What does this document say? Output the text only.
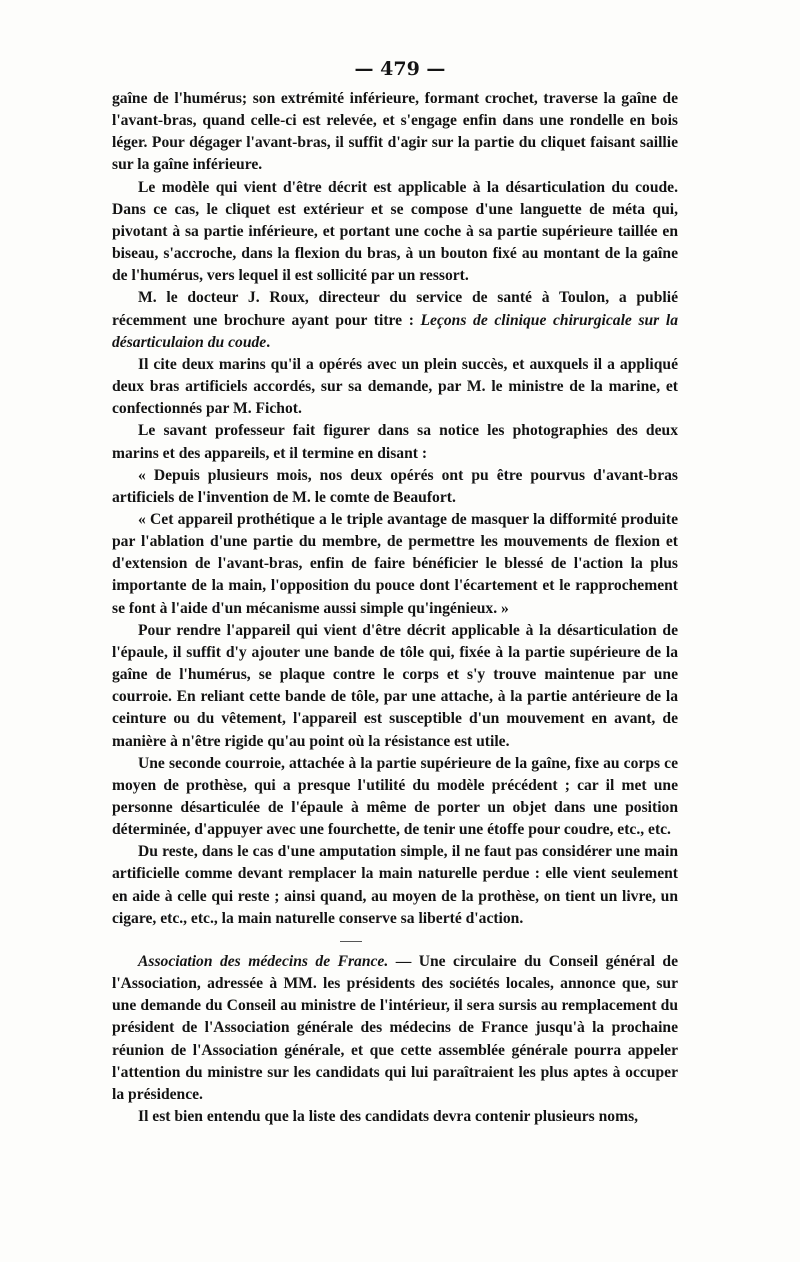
— 479 —

gaîne de l'humérus; son extrémité inférieure, formant crochet, traverse la gaîne de l'avant-bras, quand celle-ci est relevée, et s'engage enfin dans une rondelle en bois léger. Pour dégager l'avant-bras, il suffit d'agir sur la partie du cliquet faisant saillie sur la gaîne inférieure.

Le modèle qui vient d'être décrit est applicable à la désarticulation du coude. Dans ce cas, le cliquet est extérieur et se compose d'une languette de méta qui, pivotant à sa partie inférieure, et portant une coche à sa partie supérieure taillée en biseau, s'accroche, dans la flexion du bras, à un bouton fixé au montant de la gaîne de l'humérus, vers lequel il est sollicité par un ressort.

M. le docteur J. Roux, directeur du service de santé à Toulon, a publié récemment une brochure ayant pour titre : Leçons de clinique chirurgicale sur la désarticulaion du coude.

Il cite deux marins qu'il a opérés avec un plein succès, et auxquels il a appliqué deux bras artificiels accordés, sur sa demande, par M. le ministre de la marine, et confectionnés par M. Fichot.

Le savant professeur fait figurer dans sa notice les photographies des deux marins et des appareils, et il termine en disant :

« Depuis plusieurs mois, nos deux opérés ont pu être pourvus d'avant-bras artificiels de l'invention de M. le comte de Beaufort.

« Cet appareil prothétique a le triple avantage de masquer la difformité produite par l'ablation d'une partie du membre, de permettre les mouvements de flexion et d'extension de l'avant-bras, enfin de faire bénéficier le blessé de l'action la plus importante de la main, l'opposition du pouce dont l'écartement et le rapprochement se font à l'aide d'un mécanisme aussi simple qu'ingénieux. »

Pour rendre l'appareil qui vient d'être décrit applicable à la désarticulation de l'épaule, il suffit d'y ajouter une bande de tôle qui, fixée à la partie supérieure de la gaîne de l'humérus, se plaque contre le corps et s'y trouve maintenue par une courroie. En reliant cette bande de tôle, par une attache, à la partie antérieure de la ceinture ou du vêtement, l'appareil est susceptible d'un mouvement en avant, de manière à n'être rigide qu'au point où la résistance est utile.

Une seconde courroie, attachée à la partie supérieure de la gaîne, fixe au corps ce moyen de prothèse, qui a presque l'utilité du modèle précédent ; car il met une personne désarticulée de l'épaule à même de porter un objet dans une position déterminée, d'appuyer avec une fourchette, de tenir une étoffe pour coudre, etc., etc.

Du reste, dans le cas d'une amputation simple, il ne faut pas considérer une main artificielle comme devant remplacer la main naturelle perdue : elle vient seulement en aide à celle qui reste ; ainsi quand, au moyen de la prothèse, on tient un livre, un cigare, etc., etc., la main naturelle conserve sa liberté d'action.

Association des médecins de France. — Une circulaire du Conseil général de l'Association, adressée à MM. les présidents des sociétés locales, annonce que, sur une demande du Conseil au ministre de l'intérieur, il sera sursis au remplacement du président de l'Association générale des médecins de France jusqu'à la prochaine réunion de l'Association générale, et que cette assemblée générale pourra appeler l'attention du ministre sur les candidats qui lui paraîtraient les plus aptes à occuper la présidence.

Il est bien entendu que la liste des candidats devra contenir plusieurs noms,
